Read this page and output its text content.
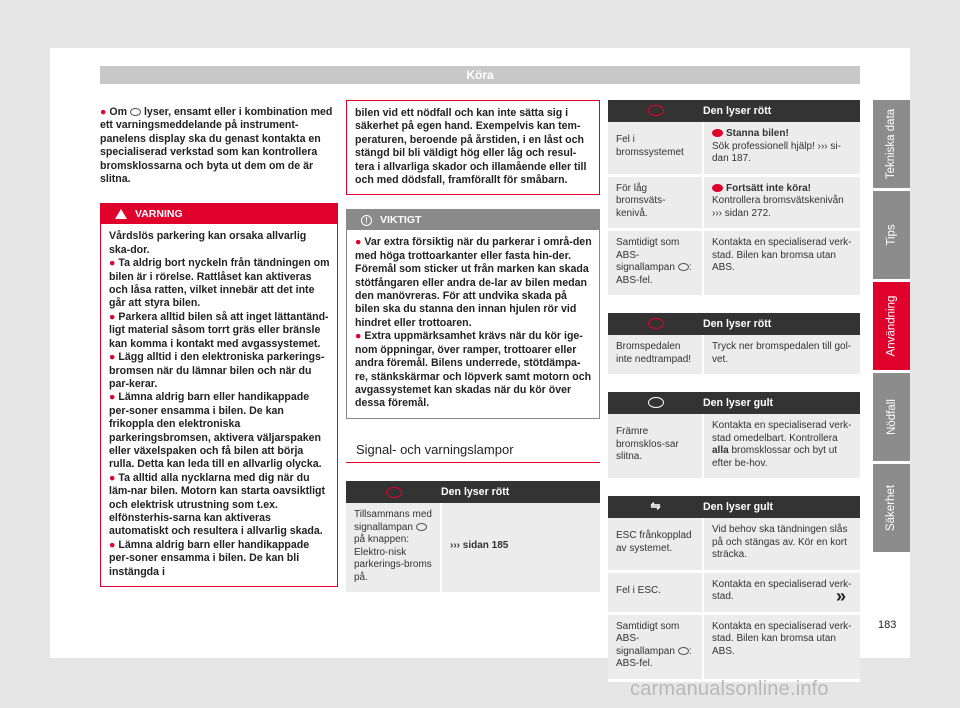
Köra
● Om lyser, ensamt eller i kombination med ett varningsmeddelande på instrument-panelens display ska du genast kontakta en specialiserad verkstad som kan kontrollera bromsklossarna och byta ut dem om de är slitna.
VARNING
Vårdslös parkering kan orsaka allvarlig ska-dor.
● Ta aldrig bort nyckeln från tändningen om bilen är i rörelse. Rattlåset kan aktiveras och låsa ratten, vilket innebär att det inte går att styra bilen.
● Parkera alltid bilen så att inget lättantänd-ligt material såsom torrt gräs eller bränsle kan komma i kontakt med avgassystemet.
● Lägg alltid i den elektroniska parkerings-bromsen när du lämnar bilen och när du par-kerar.
● Lämna aldrig barn eller handikappade per-soner ensamma i bilen. De kan frikoppla den elektroniska parkeringsbromsen, aktivera väljarspaken eller växelspaken och få bilen att börja rulla. Detta kan leda till en allvarlig olycka.
● Ta alltid alla nycklarna med dig när du läm-nar bilen. Motorn kan starta oavsiktligt och elektrisk utrustning som t.ex. elfönsterhis-sarna kan aktiveras automatiskt och resultera i allvarlig skada.
● Lämna aldrig barn eller handikappade per-soner ensamma i bilen. De kan bli instängda i
bilen vid ett nödfall och kan inte sätta sig i säkerhet på egen hand. Exempelvis kan tem-peraturen, beroende på årstiden, i en låst och stängd bil bli väldigt hög eller låg och resul-tera i allvarliga skador och illamående eller till och med dödsfall, framförallt för småbarn.
!	VIKTIGT
● Var extra försiktig när du parkerar i områ-den med höga trottoarkanter eller fasta hin-der. Föremål som sticker ut från marken kan skada stötfångaren eller andra de-lar av bilen medan den manövreras. För att undvika skada på bilen ska du stanna den innan hjulen rör vid hindret eller trottoaren.
● Extra uppmärksamhet krävs när du kör ige-nom öppningar, över ramper, trottoarer eller andra föremål. Bilens underrede, stötdämpa-re, stänkskärmar och löpverk samt motorn och avgassystemet kan skadas när du kör över dessa föremål.
Signal- och varningslampor
	Den lyser rött
Tillsammans med signallampan  på knappen: Elektro-nisk parkerings-broms på.	››› sidan 185
	Den lyser rött
Fel i bromssystemet	Stanna bilen!
Sök professionell hjälp! ››› si-dan 187.
För låg bromsväts-kenivå.	Fortsätt inte köra!
Kontrollera bromsvätskenivån ››› sidan 272.
Samtidigt som ABS-signallampan : ABS-fel.	Kontakta en specialiserad verk-stad. Bilen kan bromsa utan ABS.
	Den lyser rött
Bromspedalen inte nedtrampad!	Tryck ner bromspedalen till gol-vet.
	Den lyser gult
Främre bromsklos-sar slitna.	Kontakta en specialiserad verk-stad omedelbart. Kontrollera alla bromsklossar och byt ut efter be-hov.
⇋	Den lyser gult
ESC frånkopplad av systemet.	Vid behov ska tändningen slås på och stängas av. Kör en kort sträcka.
Fel i ESC.	Kontakta en specialiserad verk-stad.
Samtidigt som ABS-signallampan : ABS-fel.	Kontakta en specialiserad verk-stad. Bilen kan bromsa utan ABS.
Tekniska data
Tips
Användning
Nödfall
Säkerhet
»
183
carmanualsonline.info
